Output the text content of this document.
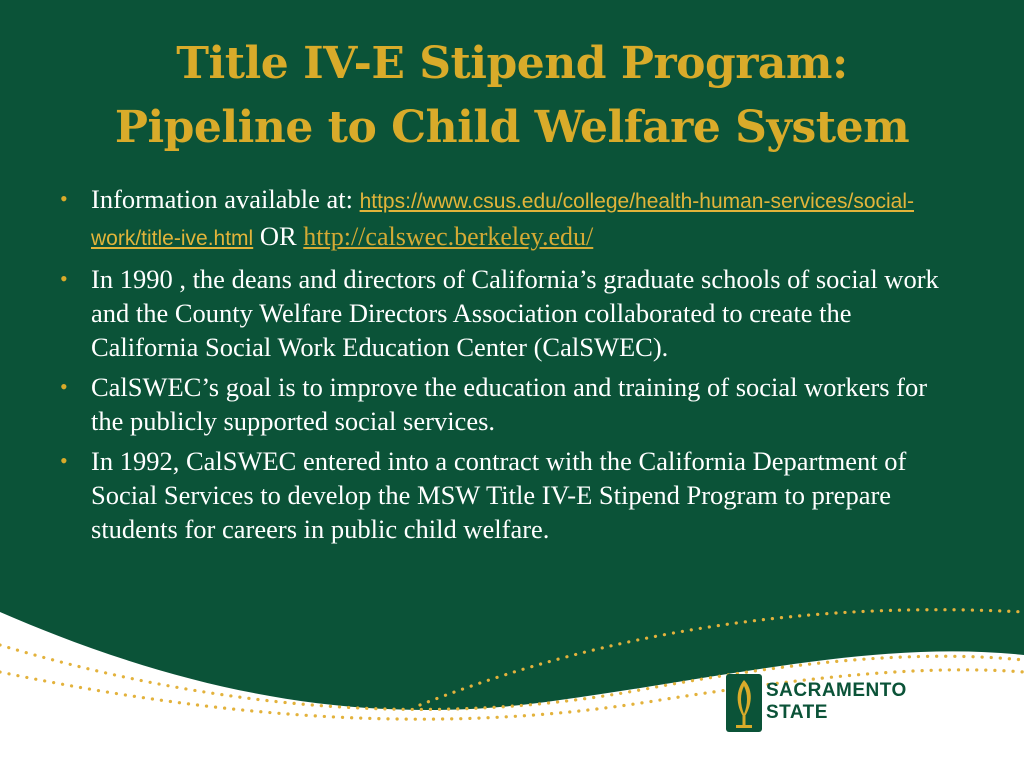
Title IV-E Stipend Program:
Pipeline to Child Welfare System
• Information available at: https://www.csus.edu/college/health-human-services/social-work/title-ive.html OR http://calswec.berkeley.edu/
• In 1990 , the deans and directors of California’s graduate schools of social work and the County Welfare Directors Association collaborated to create the California Social Work Education Center (CalSWEC).
• CalSWEC’s goal is to improve the education and training of social workers for the publicly supported social services.
• In 1992, CalSWEC entered into a contract with the California Department of Social Services to develop the MSW Title IV-E Stipend Program to prepare students for careers in public child welfare.
SACRAMENTO
STATE
